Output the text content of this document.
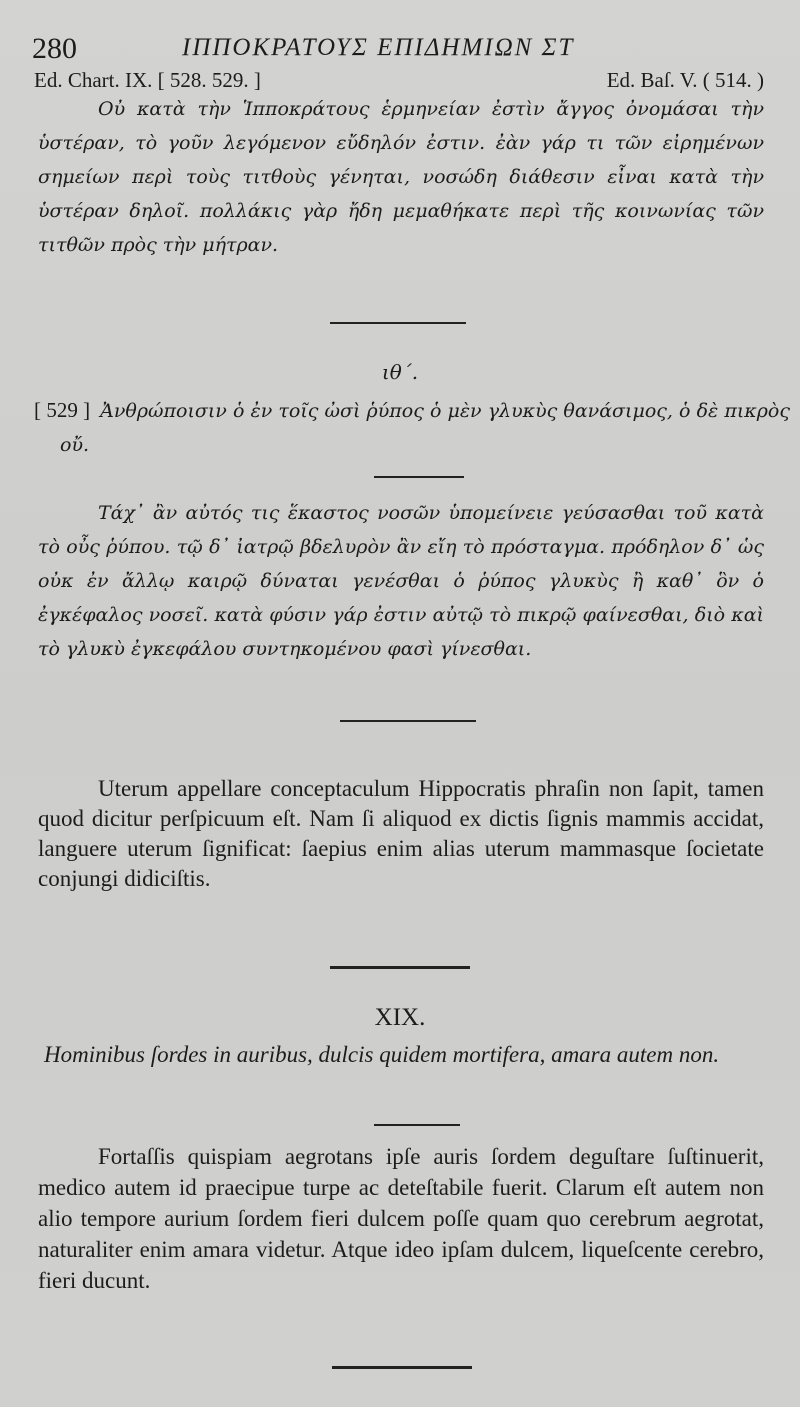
280	ΙΠΠΟΚΡΑΤΟΥΣ ΕΠΙΔΗΜΙΩΝ ΣΤ
Ed. Chart. IX. [ 528. 529. ]	Ed. Baſ. V. ( 514. )
Οὐ κατὰ τὴν Ἱπποκράτους ἑρμηνείαν ἐστὶν ἄγγος ὀνομάσαι τὴν ὑστέραν, τὸ γοῦν λεγόμενον εὔδηλόν ἐστιν. ἐὰν γάρ τι τῶν εἰρημένων σημείων περὶ τοὺς τιτθοὺς γένηται, νοσώδη διάθεσιν εἶναι κατὰ τὴν ὑστέραν δηλοῖ. πολλάκις γὰρ ἤδη μεμαθήκατε περὶ τῆς κοινωνίας τῶν τιτθῶν πρὸς τὴν μήτραν.
ιθ΄.
[ 529 ] Ἀνθρώποισιν ὁ ἐν τοῖς ὠσὶ ῥύπος ὁ μὲν γλυκὺς θανάσιμος, ὁ δὲ πικρὸς οὔ.
Τάχ᾽ ἂν αὐτός τις ἕκαστος νοσῶν ὑπομείνειε γεύσασθαι τοῦ κατὰ τὸ οὖς ῥύπου. τῷ δ᾽ ἰατρῷ βδελυρὸν ἂν εἴη τὸ πρόσταγμα. πρόδηλον δ᾽ ὡς οὐκ ἐν ἄλλῳ καιρῷ δύναται γενέσθαι ὁ ῥύπος γλυκὺς ἢ καθ᾽ ὃν ὁ ἐγκέφαλος νοσεῖ. κατὰ φύσιν γάρ ἐστιν αὐτῷ τὸ πικρῷ φαίνεσθαι, διὸ καὶ τὸ γλυκὺ ἐγκεφάλου συντηκομένου φασὶ γίνεσθαι.
Uterum appellare conceptaculum Hippocratis phraſin non ſapit, tamen quod dicitur perſpicuum eſt. Nam ſi aliquod ex dictis ſignis mammis accidat, languere uterum ſignificat: ſaepius enim alias uterum mammasque ſocietate conjungi didiciſtis.
XIX.
Hominibus ſordes in auribus, dulcis quidem mortifera, amara autem non.
Fortaſſis quispiam aegrotans ipſe auris ſordem deguſtare ſuſtinuerit, medico autem id praecipue turpe ac deteſtabile fuerit. Clarum eſt autem non alio tempore aurium ſordem fieri dulcem poſſe quam quo cerebrum aegrotat, naturaliter enim amara videtur. Atque ideo ipſam dulcem, liqueſcente cerebro, fieri ducunt.
